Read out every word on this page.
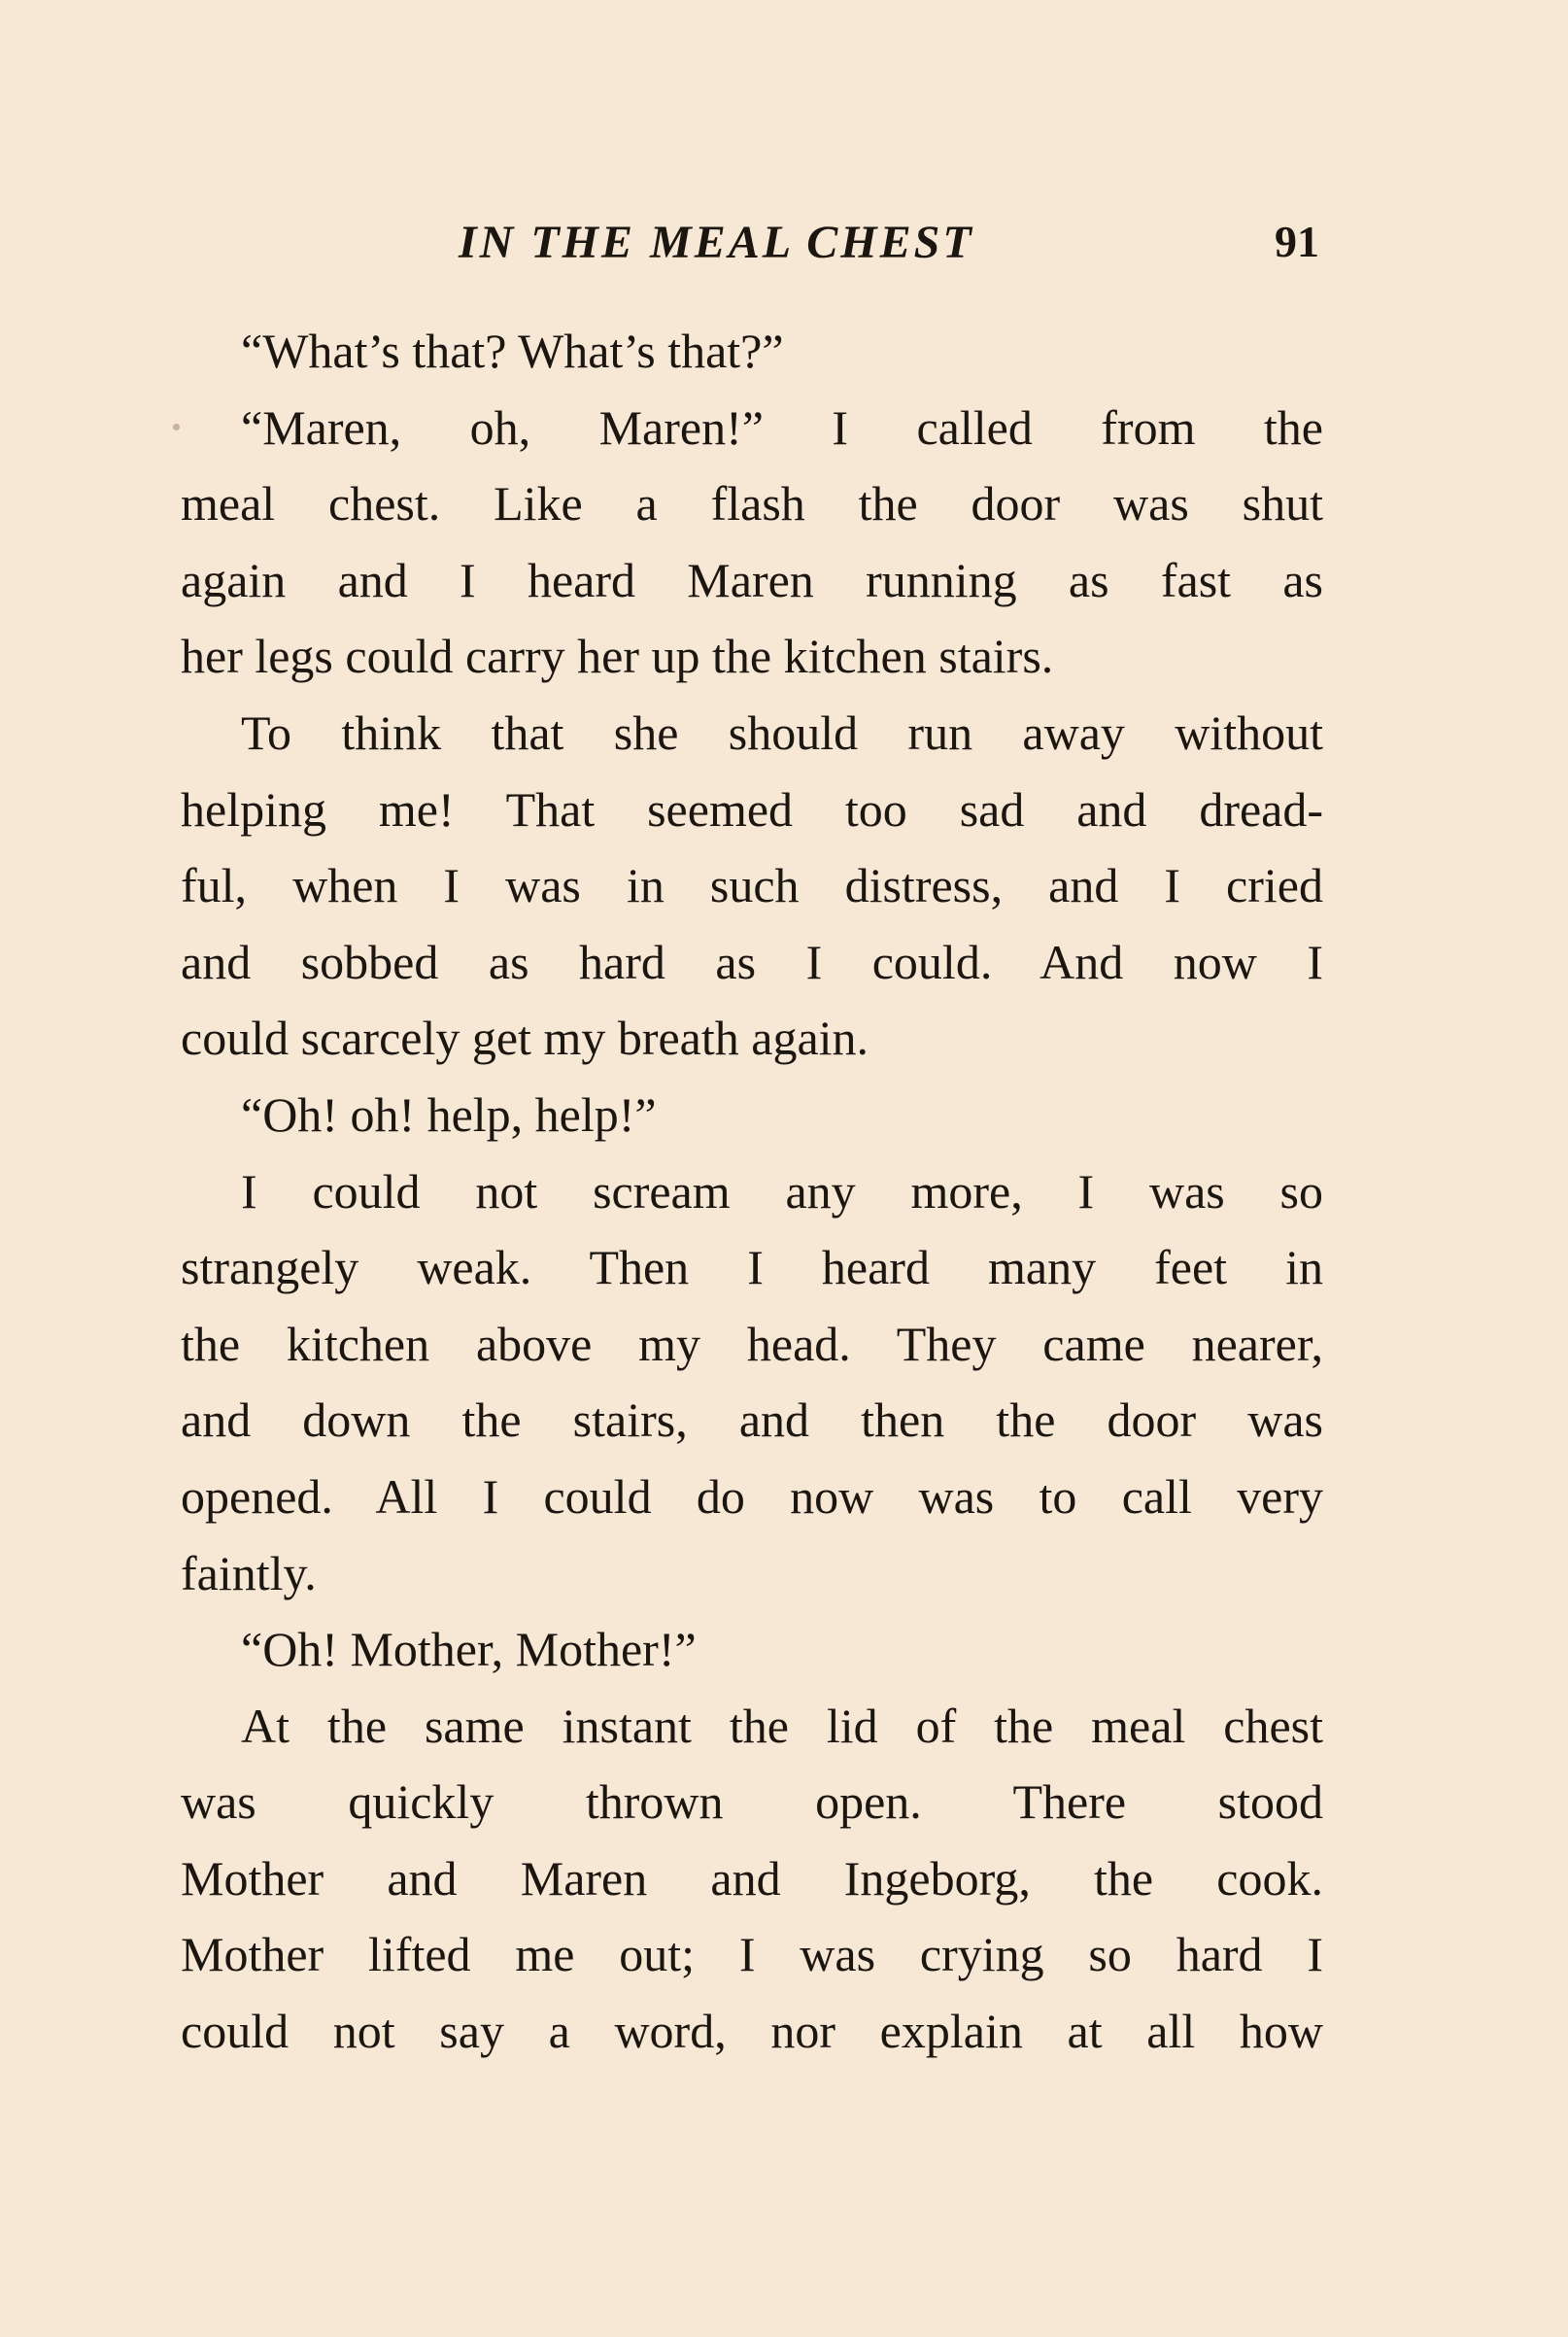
IN THE MEAL CHEST	91
“What’s that? What’s that?”
“Maren, oh, Maren!” I called from the
meal chest. Like a flash the door was shut
again and I heard Maren running as fast as
her legs could carry her up the kitchen stairs.
To think that she should run away without
helping me! That seemed too sad and dread-
ful, when I was in such distress, and I cried
and sobbed as hard as I could. And now I
could scarcely get my breath again.
“Oh! oh! help, help!”
I could not scream any more, I was so
strangely weak. Then I heard many feet in
the kitchen above my head. They came nearer,
and down the stairs, and then the door was
opened. All I could do now was to call very
faintly.
“Oh! Mother, Mother!”
At the same instant the lid of the meal chest
was quickly thrown open. There stood
Mother and Maren and Ingeborg, the cook.
Mother lifted me out; I was crying so hard I
could not say a word, nor explain at all how
